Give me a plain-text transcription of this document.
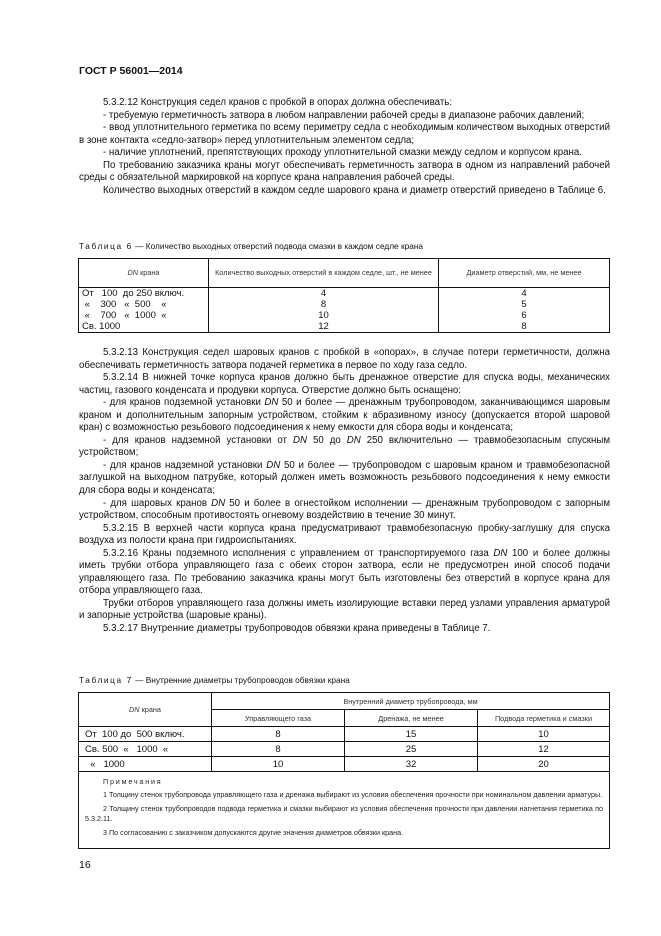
ГОСТ Р 56001—2014

5.3.2.12 Конструкция седел кранов с пробкой в опорах должна обеспечивать:

- требуемую герметичность затвора в любом направлении рабочей среды в диапазоне рабочих давлений;

- ввод уплотнительного герметика по всему периметру седла с необходимым количеством выходных отверстий в зоне контакта «седло-затвор» перед уплотнительным элементом седла;

- наличие уплотнений, препятствующих проходу уплотнительной смазки между седлом и корпусом крана.

По требованию заказчика краны могут обеспечивать герметичность затвора в одном из направлений рабочей среды с обязательной маркировкой на корпусе крана направления рабочей среды.

Количество выходных отверстий в каждом седле шарового крана и диаметр отверстий приведено в Таблице 6.

Таблица 6 — Количество выходных отверстий подвода смазки в каждом седле крана
DN крана	Количество выходных отверстий в каждом седле, шт., не менее	Диаметр отверстий, мм, не менее
От   100  до 250 включ.	4	4
«    300   «  500    «	8	5
«    700   «  1000  «	10	6
Св. 1000	12	8

5.3.2.13 Конструкция седел шаровых кранов с пробкой в «опорах», в случае потери герметичности, должна обеспечивать герметичность затвора подачей герметика в первое по ходу газа седло.

5.3.2.14 В нижней точке корпуса кранов должно быть дренажное отверстие для спуска воды, механических частиц, газового конденсата и продувки корпуса. Отверстие должно быть оснащено:

- для кранов подземной установки DN 50 и более — дренажным трубопроводом, заканчивающимся шаровым краном и дополнительным запорным устройством, стойким к абразивному износу (допускается второй шаровой кран) с возможностью резьбового подсоединения к нему емкости для сбора воды и конденсата;

- для кранов надземной установки от DN 50 до DN 250 включительно — травмобезопасным спускным устройством;

- для кранов надземной установки DN 50 и более — трубопроводом с шаровым краном и травмобезопасной заглушкой на выходном патрубке, который должен иметь возможность резьбового подсоединения к нему емкости для сбора воды и конденсата;

- для шаровых кранов DN 50 и более в огнестойком исполнении — дренажным трубопроводом с запорным устройством, способным противостоять огневому воздействию в течение 30 минут.

5.3.2.15 В верхней части корпуса крана предусматривают травмобезопасную пробку-заглушку для спуска воздуха из полости крана при гидроиспытаниях.

5.3.2.16 Краны подземного исполнения с управлением от транспортируемого газа DN 100 и более должны иметь трубки отбора управляющего газа с обеих сторон затвора, если не предусмотрен иной способ подачи управляющего газа. По требованию заказчика краны могут быть изготовлены без отверстий в корпусе крана для отбора управляющего газа.

Трубки отборов управляющего газа должны иметь изолирующие вставки перед узлами управления арматурой и запорные устройства (шаровые краны).

5.3.2.17 Внутренние диаметры трубопроводов обвязки крана приведены в Таблице 7.

Таблица 7 — Внутренние диаметры трубопроводов обвязки крана
DN крана	Внутренний диаметр трубопровода, мм		
	Управляющего газа	Дренажа, не менее	Подвода герметика и смазки
От  100 до  500 включ.	8	15	10
Св. 500  «   1000  «	8	25	12
«   1000	10	32	20

Примечания

1 Толщину стенок трубопровода управляющего газа и дренажа выбирают из условия обеспечения прочности при номинальном давлении арматуры.

2 Толщину стенок трубопроводов подвода герметика и смазки выбирают из условия обеспечения прочности при давлении нагнетания герметика по 5.3.2.11.

3 По согласованию с заказчиком допускаются другие значения диаметров обвязки крана.			

16
